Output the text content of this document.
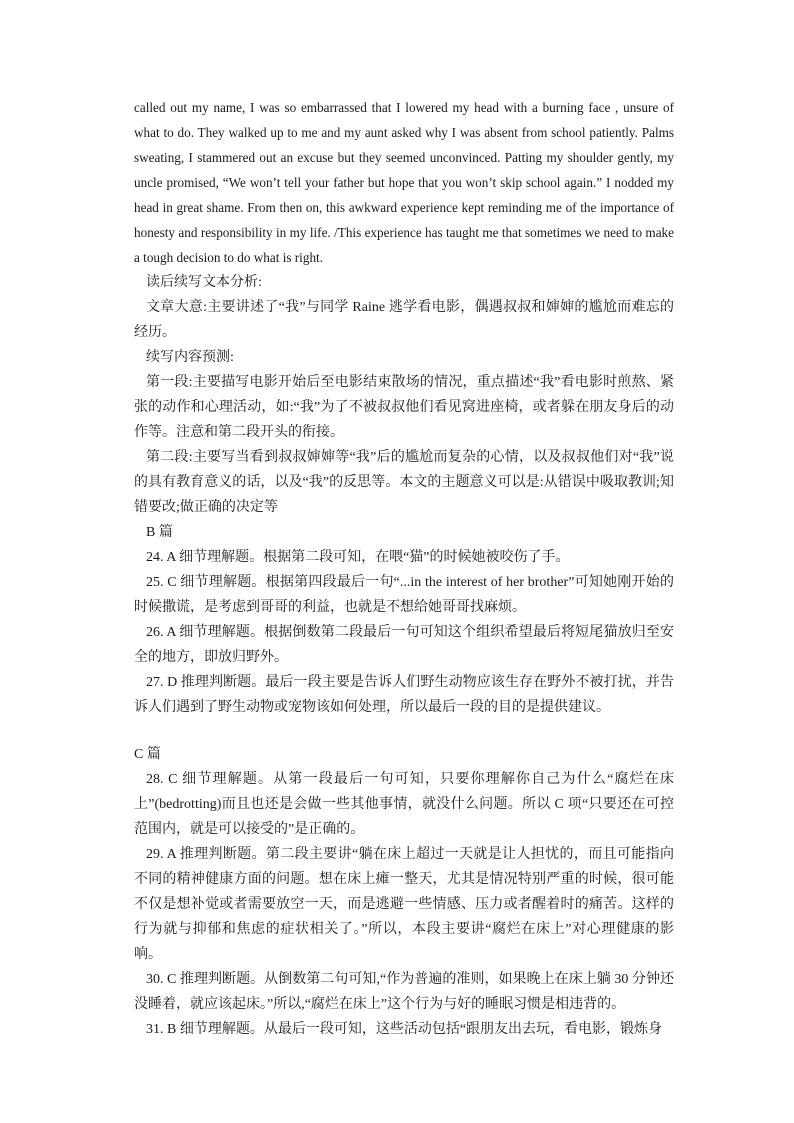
called out my name, I was so embarrassed that I lowered my head with a burning face , unsure of what to do. They walked up to me and my aunt asked why I was absent from school patiently. Palms sweating, I stammered out an excuse but they seemed unconvinced. Patting my shoulder gently, my uncle promised, “We won’t tell your father but hope that you won’t skip school again.” I nodded my head in great shame. From then on, this awkward experience kept reminding me of the importance of honesty and responsibility in my life. /This experience has taught me that sometimes we need to make a tough decision to do what is right.

读后续写文本分析:

文章大意:主要讲述了“我”与同学 Raine 逃学看电影，偶遇叔叔和婶婶的尴尬而难忘的经历。

续写内容预测:

第一段:主要描写电影开始后至电影结束散场的情况，重点描述“我”看电影时煎熬、紧张的动作和心理活动，如:“我”为了不被叔叔他们看见窝进座椅，或者躲在朋友身后的动作等。注意和第二段开头的衔接。

第二段:主要写当看到叔叔婶婶等“我”后的尴尬而复杂的心情，以及叔叔他们对“我”说的具有教育意义的话，以及“我”的反思等。本文的主题意义可以是:从错误中吸取教训;知错要改;做正确的决定等

B 篇

24. A 细节理解题。根据第二段可知，在喂“猫”的时候她被咬伤了手。

25. C 细节理解题。根据第四段最后一句“...in the interest of her brother”可知她刚开始的时候撒谎，是考虑到哥哥的利益，也就是不想给她哥哥找麻烦。

26. A 细节理解题。根据倒数第二段最后一句可知这个组织希望最后将短尾猫放归至安全的地方，即放归野外。

27. D 推理判断题。最后一段主要是告诉人们野生动物应该生存在野外不被打扰，并告诉人们遇到了野生动物或宠物该如何处理，所以最后一段的目的是提供建议。

C 篇

28. C 细节理解题。从第一段最后一句可知，只要你理解你自己为什么“腐烂在床上”(bedrotting)而且也还是会做一些其他事情，就没什么问题。所以 C 项“只要还在可控范围内，就是可以接受的”是正确的。

29. A 推理判断题。第二段主要讲“躺在床上超过一天就是让人担忧的，而且可能指向不同的精神健康方面的问题。想在床上瘫一整天，尤其是情况特别严重的时候，很可能不仅是想补觉或者需要放空一天，而是逃避一些情感、压力或者醒着时的痛苦。这样的行为就与抑郁和焦虑的症状相关了。”所以，本段主要讲“腐烂在床上”对心理健康的影响。

30. C 推理判断题。从倒数第二句可知,“作为普遍的准则，如果晚上在床上躺 30 分钟还没睡着，就应该起床。”所以,“腐烂在床上”这个行为与好的睡眠习惯是相违背的。

31. B 细节理解题。从最后一段可知，这些活动包括“跟朋友出去玩，看电影，锻炼身
